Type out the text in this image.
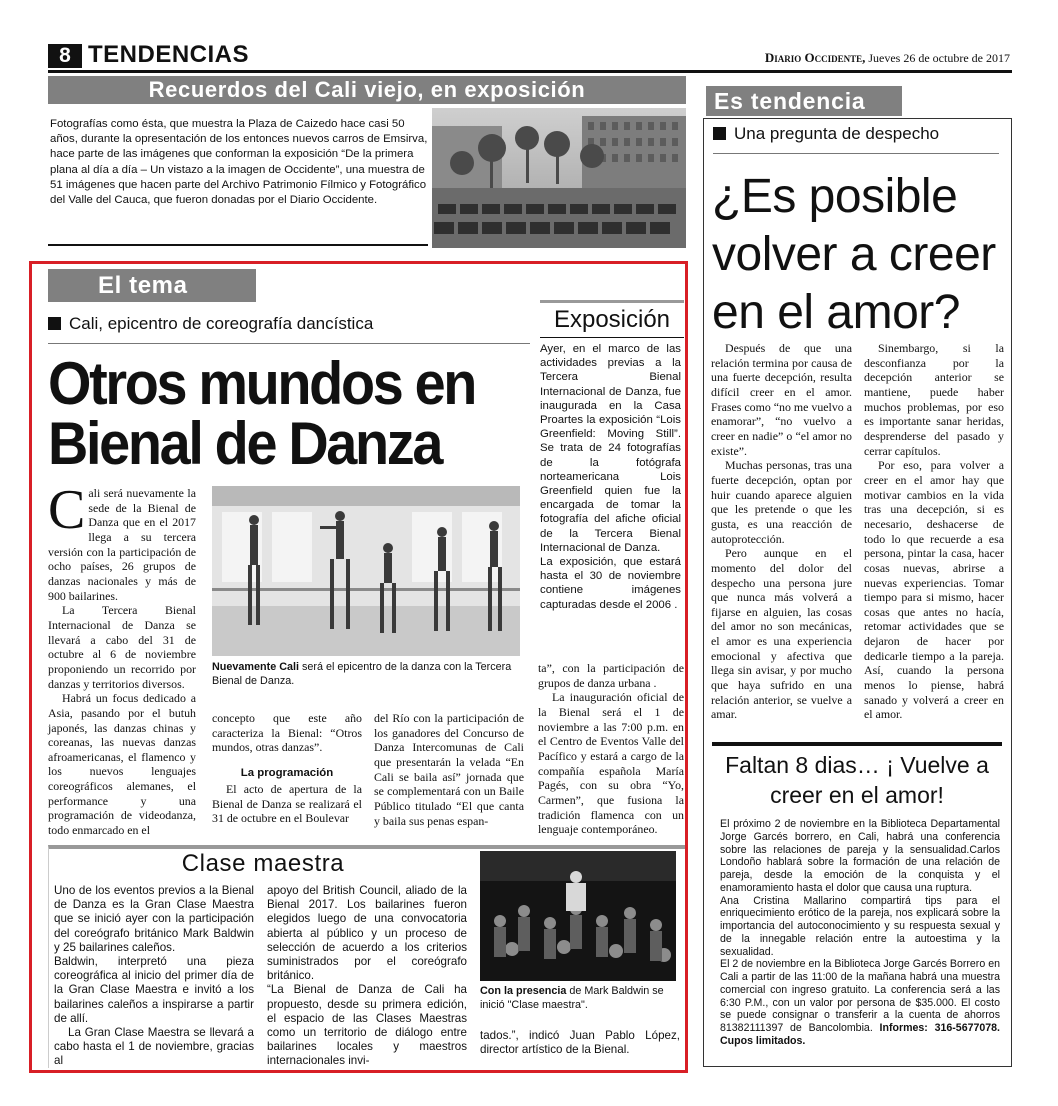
8 TENDENCIAS	Diario Occidente, Jueves 26 de octubre de 2017
Recuerdos del Cali viejo, en exposición
Fotografías como ésta, que muestra la Plaza de Caizedo hace casi 50 años, durante la opresentación de los entonces nuevos carros de Emsirva, hace parte de las imágenes que conforman la exposición “De la primera plana al día a día – Un vistazo a la imagen de Occidente”, una muestra de 51 imágenes que hacen parte del Archivo Patrimonio Fílmico y Fotográfico del Valle del Cauca, que fueron donadas por el Diario Occidente.
El tema
Cali, epicentro de coreografía dancística
Otros mundos en Bienal de Danza
Exposición

Ayer, en el marco de las actividades previas a la Tercera Bienal Internacional de Danza, fue inaugurada en la Casa Proartes la exposición “Lois Greenfield: Moving Still”. Se trata de 24 fotografías de la fotógrafa norteamericana Lois Greenfield quien fue la encargada de tomar la fotografía del afiche oficial de la Tercera Bienal Internacional de Danza.

La exposición, que estará hasta el 30 de noviembre contiene imágenes capturadas desde el 2006 .

Cali será nuevamente la sede de la Bienal de Danza que en el 2017 llega a su tercera versión con la participación de ocho países, 26 grupos de danzas nacionales y más de 900 bailarines.

La Tercera Bienal Internacional de Danza se llevará a cabo del 31 de octubre al 6 de noviembre proponiendo un recorrido por danzas y territorios diversos.

Habrá un focus dedicado a Asia, pasando por el butuh japonés, las danzas chinas y coreanas, las nuevas danzas afroamericanas, el flamenco y los nuevos lenguajes coreográficos alemanes, el performance y una programación de videodanza, todo enmarcado en el

Nuevamente Cali será el epicentro de la danza con la Tercera Bienal de Danza.

ta”, con la participación de grupos de danza urbana .

La inauguración oficial de la Bienal será el 1 de noviembre a las 7:00 p.m. en el Centro de Eventos Valle del Pacífico y estará a cargo de la compañía española María Pagés, con su obra “Yo, Carmen”, que fusiona la tradición flamenca con un lenguaje contemporáneo.

concepto que este año caracteriza la Bienal: “Otros mundos, otras danzas”.

La programación

El acto de apertura de la Bienal de Danza se realizará el 31 de octubre en el Boulevar

del Río con la participación de los ganadores del Concurso de Danza Intercomunas de Cali que presentarán la velada “En Cali se baila así” jornada que se complementará con un Baile Público titulado “El que canta y baila sus penas espan-

Clase maestra

Uno de los eventos previos a la Bienal de Danza es la Gran Clase Maestra que se inició ayer con la participación del coreógrafo británico Mark Baldwin y 25 bailarines caleños.

Baldwin, interpretó una pieza coreográfica al inicio del primer día de la Gran Clase Maestra e invitó a los bailarines caleños a inspirarse a partir de allí.

La Gran Clase Maestra se llevará a cabo hasta el 1 de noviembre, gracias al

apoyo del British Council, aliado de la Bienal 2017. Los bailarines fueron elegidos luego de una convocatoria abierta al público y un proceso de selección de acuerdo a los criterios suministrados por el coreógrafo británico.

“La Bienal de Danza de Cali ha propuesto, desde su primera edición, el espacio de las Clases Maestras como un territorio de diálogo entre bailarines locales y maestros internacionales invi-

Con la presencia de Mark Baldwin se inició "Clase maestra".

tados.”, indicó Juan Pablo López, director artístico de la Bienal.

Es tendencia
Una pregunta de despecho
¿Es posible volver a creer en el amor?

Después de que una relación termina por causa de una fuerte decepción, resulta difícil creer en el amor. Frases como “no me vuelvo a enamorar”, “no vuelvo a creer en nadie” o “el amor no existe”.

Muchas personas, tras una fuerte decepción, optan por huir cuando aparece alguien que les pretende o que les gusta, es una reacción de autoprotección.

Pero aunque en el momento del dolor del despecho una persona jure que nunca más volverá a fijarse en alguien, las cosas del amor no son mecánicas, el amor es una experiencia emocional y afectiva que llega sin avisar, y por mucho que haya sufrido en una relación anterior, se vuelve a amar.

Sinembargo, si la desconfianza por la decepción anterior se mantiene, puede haber muchos problemas, por eso es importante sanar heridas, desprenderse del pasado y cerrar capítulos.

Por eso, para volver a creer en el amor hay que motivar cambios en la vida tras una decepción, si es necesario, deshacerse de todo lo que recuerde a esa persona, pintar la casa, hacer cosas nuevas, abrirse a nuevas experiencias. Tomar tiempo para si mismo, hacer cosas que antes no hacía, retomar actividades que se dejaron de hacer por dedicarle tiempo a la pareja. Así, cuando la persona menos lo piense, habrá sanado y volverá a creer en el amor.

Faltan 8 dias… ¡ Vuelve a creer en el amor!

El próximo 2 de noviembre en la Biblioteca Departamental Jorge Garcés borrero, en Cali, habrá una conferencia sobre las relaciones de pareja y la sensualidad.Carlos Londoño hablará sobre la formación de una relación de pareja, desde la emoción de la conquista y el enamoramiento hasta el dolor que causa una ruptura.

Ana Cristina Mallarino compartirá tips para el enriquecimiento erótico de la pareja, nos explicará sobre la importancia del autoconocimiento y su respuesta sexual y de la innegable relación entre la autoestima y la sexualidad.

El 2 de noviembre en la Biblioteca Jorge Garcés Borrero en Cali a partir de las 11:00 de la mañana habrá una muestra comercial con ingreso gratuito. La conferencia será a las 6:30 P.M., con un valor por persona de $35.000. El costo se puede consignar o transferir a la cuenta de ahorros 81382111397 de Bancolombia. Informes: 316-5677078. Cupos limitados.
